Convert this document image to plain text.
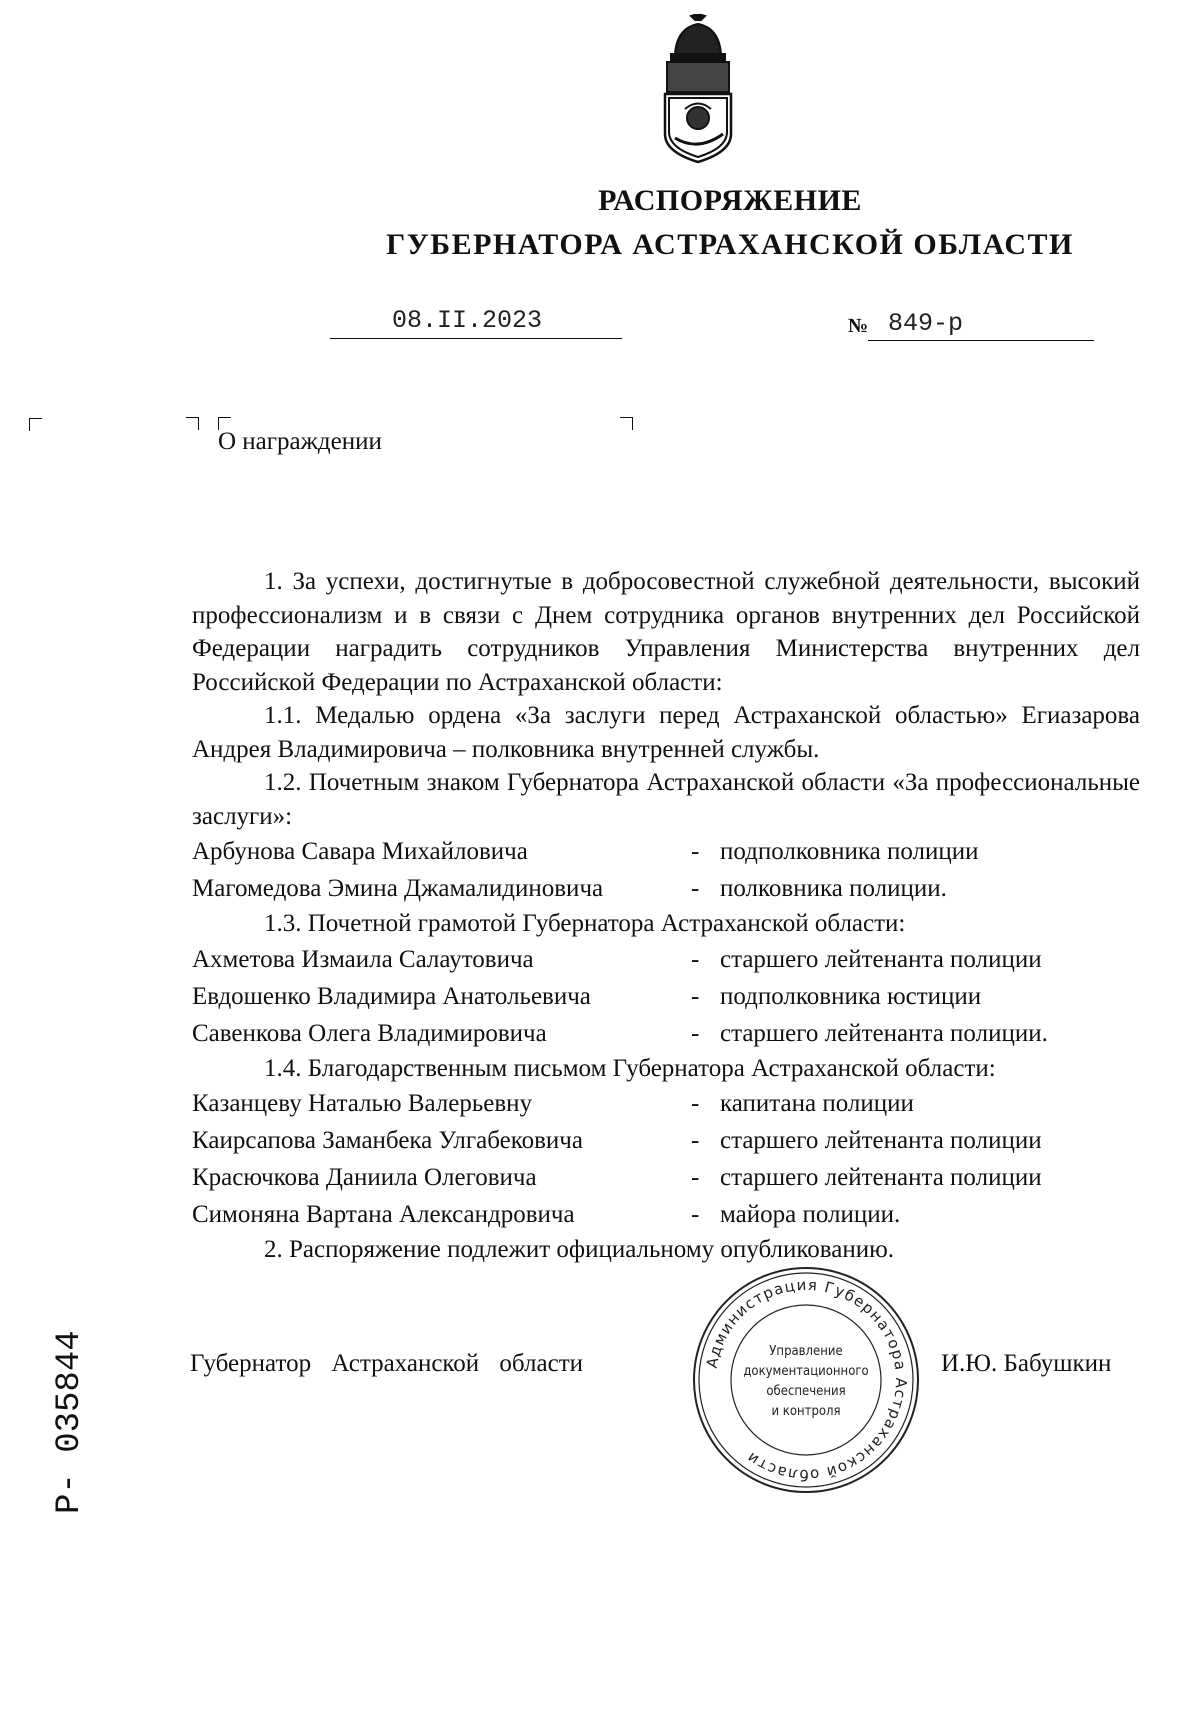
РАСПОРЯЖЕНИЕ
ГУБЕРНАТОРА АСТРАХАНСКОЙ ОБЛАСТИ
08.II.2023	№ 849-р
О награждении

1. За успехи, достигнутые в добросовестной служебной деятельности, высокий профессионализм и в связи с Днем сотрудника органов внутренних дел Российской Федерации наградить сотрудников Управления Министерства внутренних дел Российской Федерации по Астраханской области:

1.1. Медалью ордена «За заслуги перед Астраханской областью» Егиазарова Андрея Владимировича – полковника внутренней службы.

1.2. Почетным знаком Губернатора Астраханской области «За профессиональные заслуги»:

Арбунова Савара Михайловича	- подполковника полиции
Магомедова Эмина Джамалидиновича	- полковника полиции.

1.3. Почетной грамотой Губернатора Астраханской области:

Ахметова Измаила Салаутовича	- старшего лейтенанта полиции
Евдошенко Владимира Анатольевича	- подполковника юстиции
Савенкова Олега Владимировича	- старшего лейтенанта полиции.

1.4. Благодарственным письмом Губернатора Астраханской области:

Казанцеву Наталью Валерьевну	- капитана полиции
Каирсапова Заманбека Улгабековича	- старшего лейтенанта полиции
Красючкова Даниила Олеговича	- старшего лейтенанта полиции
Симоняна Вартана Александровича	- майора полиции.

2. Распоряжение подлежит официальному опубликованию.

Губернатор Астраханской области	И.Ю. Бабушкин
Администрация Губернатора Астраханской области
Управление
документационного
обеспечения
и контроля
Р- 035844
